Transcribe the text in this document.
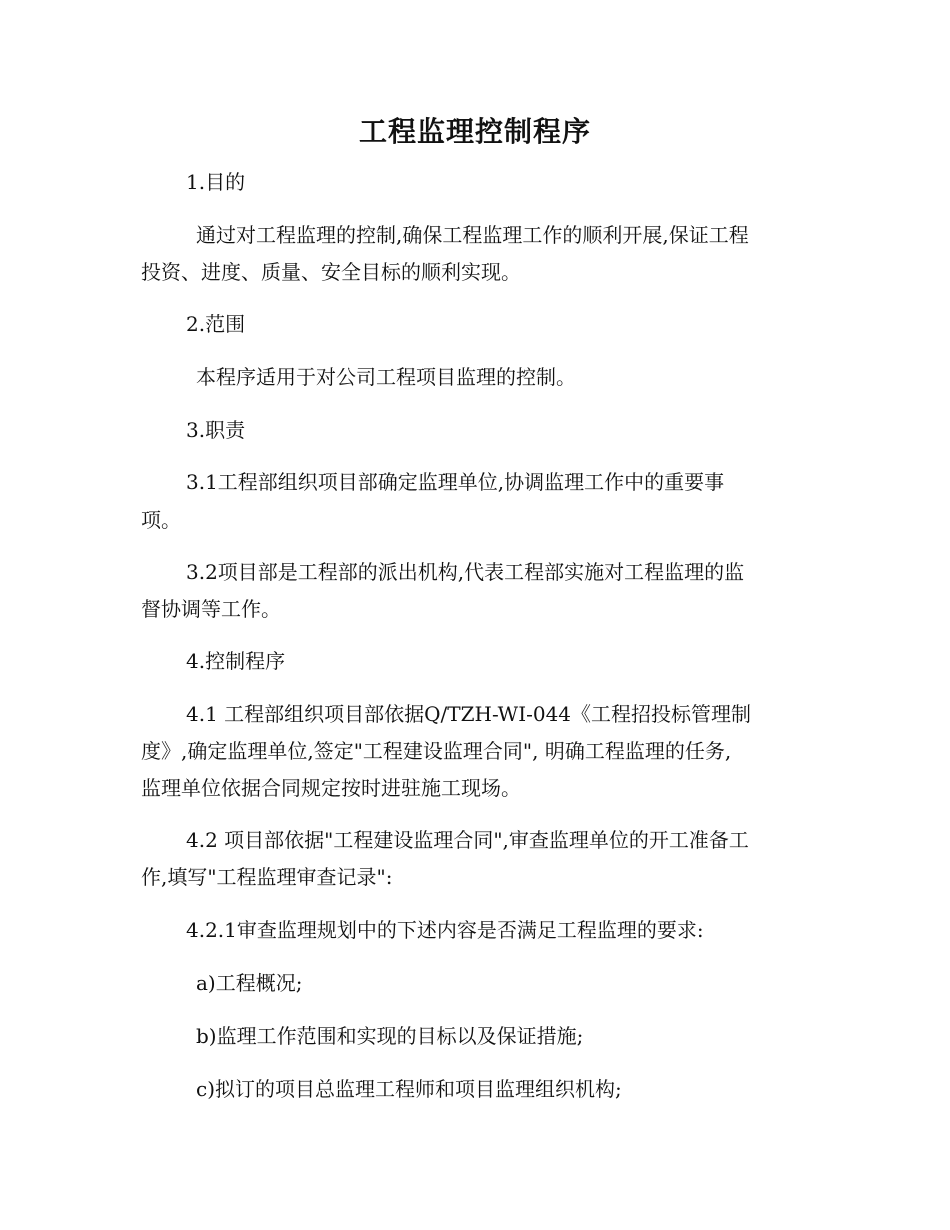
工程监理控制程序
1.目的
通过对工程监理的控制,确保工程监理工作的顺利开展,保证工程
投资、进度、质量、安全目标的顺利实现。
2.范围
本程序适用于对公司工程项目监理的控制。
3.职责
3.1工程部组织项目部确定监理单位,协调监理工作中的重要事
项。
3.2项目部是工程部的派出机构,代表工程部实施对工程监理的监
督协调等工作。
4.控制程序
4.1 工程部组织项目部依据Q/TZH-WI-044《工程招投标管理制
度》,确定监理单位,签定"工程建设监理合同", 明确工程监理的任务,
监理单位依据合同规定按时进驻施工现场。
4.2 项目部依据"工程建设监理合同",审查监理单位的开工准备工
作,填写"工程监理审查记录":
4.2.1审查监理规划中的下述内容是否满足工程监理的要求:
a)工程概况;
b)监理工作范围和实现的目标以及保证措施;
c)拟订的项目总监理工程师和项目监理组织机构;
